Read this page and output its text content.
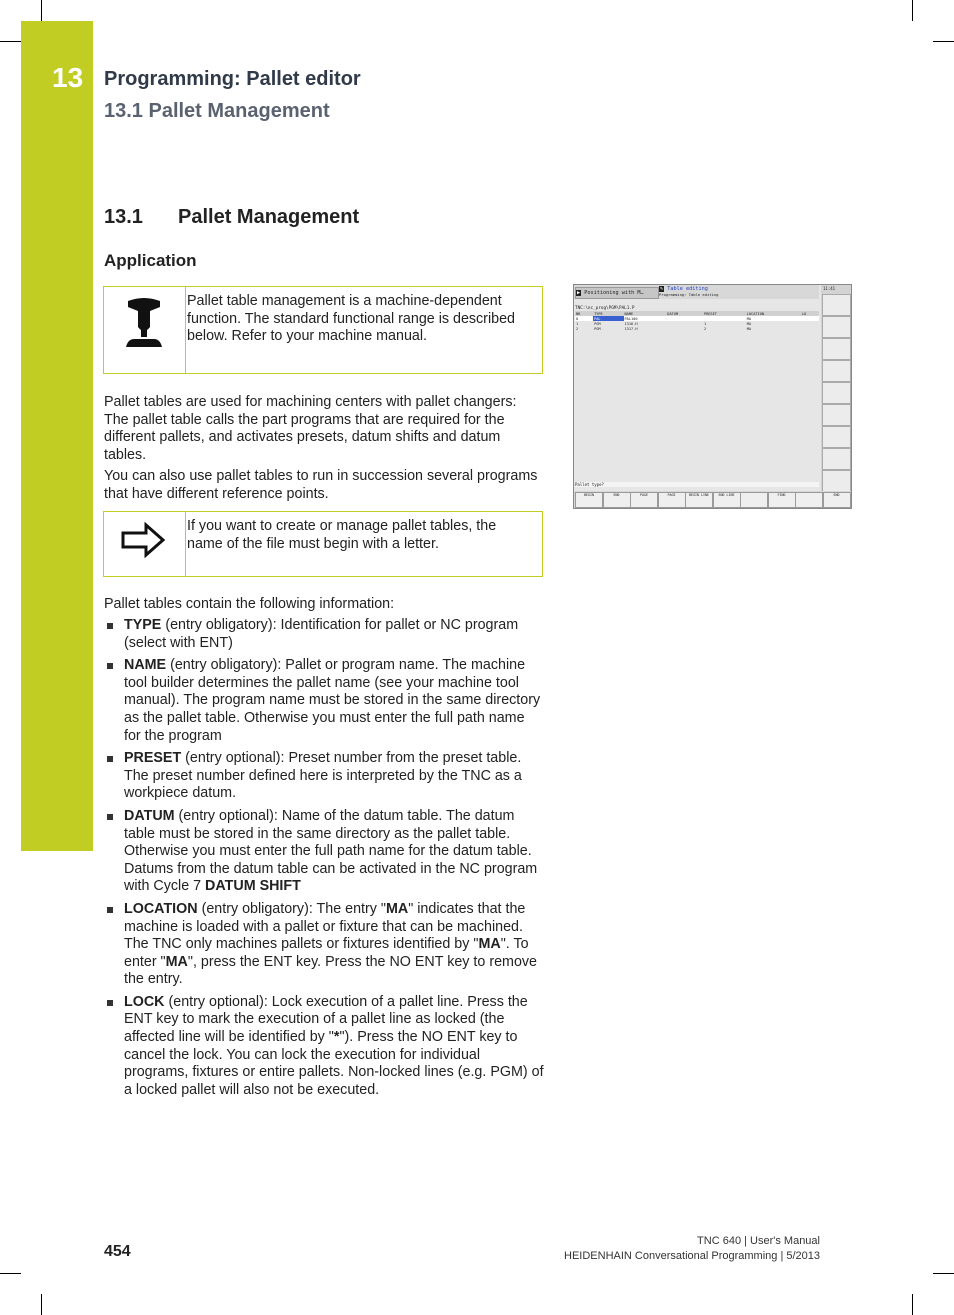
13 Programming: Pallet editor
13.1 Pallet Management
13.1 Pallet Management
Application
Pallet table management is a machine-dependent function. The standard functional range is described below. Refer to your machine manual.

Pallet tables are used for machining centers with pallet changers: The pallet table calls the part programs that are required for the different pallets, and activates presets, datum shifts and datum tables.

You can also use pallet tables to run in succession several programs that have different reference points.

If you want to create or manage pallet tables, the name of the file must begin with a letter.

Pallet tables contain the following information:

TYPE (entry obligatory): Identification for pallet or NC program (select with ENT)
NAME (entry obligatory): Pallet or program name. The machine tool builder determines the pallet name (see your machine tool manual). The program name must be stored in the same directory as the pallet table. Otherwise you must enter the full path name for the program
PRESET (entry optional): Preset number from the preset table. The preset number defined here is interpreted by the TNC as a workpiece datum.
DATUM (entry optional): Name of the datum table. The datum table must be stored in the same directory as the pallet table. Otherwise you must enter the full path name for the datum table. Datums from the datum table can be activated in the NC program with Cycle 7 DATUM SHIFT
LOCATION (entry obligatory): The entry "MA" indicates that the machine is loaded with a pallet or fixture that can be machined. The TNC only machines pallets or fixtures identified by "MA". To enter "MA", press the ENT key. Press the NO ENT key to remove the entry.
LOCK (entry optional): Lock execution of a pallet line. Press the ENT key to mark the execution of a pallet line as locked (the affected line will be identified by "*"). Press the NO ENT key to cancel the lock. You can lock the execution for individual programs, fixtures or entire pallets. Non-locked lines (e.g. PGM) of a locked pallet will also not be executed.
▶ Positioning with M…
✎ Table editing
Programming› Table editing
TNC:\nc_prog\PGM\PAL1.P
NR	TYPE	NAME	DATUM	PRESET	LOCATION	LO
0	PAL	PAL100			MA	
1	PGM	1316.H		1	MA	
2	PGM	1317.H		2	MA	
Pallet type?
11:41
BEGIN	END	PAGE	PAGE	BEGIN LINE	END LINE	FIND	END
454
TNC 640 | User's Manual
HEIDENHAIN Conversational Programming | 5/2013
